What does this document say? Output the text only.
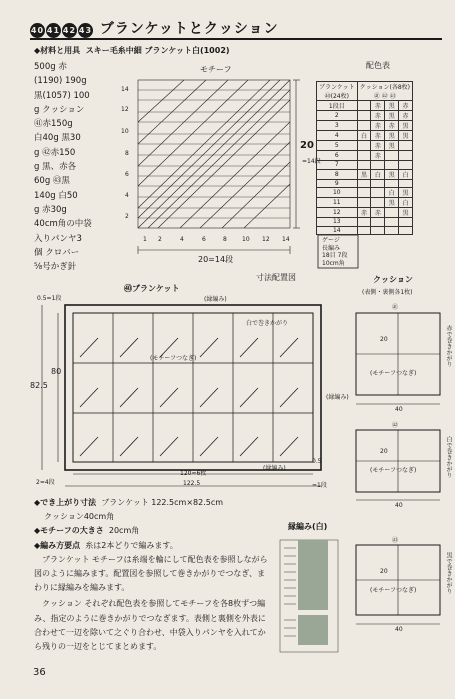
40 41 42 43 ブランケットとクッション
◆材料と用具 スキー毛糸中細 ブランケット白(1002)
500g 赤
(1190) 190g
黒(1057) 100
g クッション
㊶赤150g
白40g 黒30
g ㊷赤150
g 黒、赤各
60g ㊸黒
140g 白50
g 赤30g
40cm角の中袋
入りパンヤ3
個 クロバー
⅝号かぎ針
モチーフ
20
=14段
20=14段
1 2	4	6	8	10 12 14
14
12
10
8
6
4
2
配色表
ブランケット
㊵(24枚)	クッション(各8枚)
㊶ ㊷ ㊸			
1段目		赤	黒	赤
2		赤	黒	赤
3		赤	赤	黒
4	白	赤	黒	黒
5		赤	黒	
6		赤		
7				
8	黒	白	黒	白
9				
10			白	黒
11			黒	白
12	赤	赤		黒
13				
14				
ゲージ
長編み
18目 7段
10cm角
㊵ブランケット
寸法配置図
(縁編み)
0.5=1段
白で巻きかがり
(モチーフつなぎ)
80
82.5
(縁編み)
(縁編み)
120=6枚
122.5
0.5
=1段
2=4段
クッション
(表側・裏側各1枚)
㊶
20
(モチーフつなぎ)
赤で巻きかがり
40
㊷
20
(モチーフつなぎ)	白で巻きかがり
40
㊸
20
(モチーフつなぎ)	黒で巻きかがり
40
縁編み(白)

◆でき上がり寸法 ブランケット 122.5cm×82.5cm

クッション40cm角

◆モチーフの大きさ 20cm角

◆編み方要点 糸は2本どりで編みます。

ブランケット モチーフは糸端を輪にして配色表を参照しながら図のように編みます。配置図を参照して巻きかがりでつなぎ、まわりに縁編みを編みます。

クッション それぞれ配色表を参照してモチーフを各8枚ずつ編み、指定のように巻きかがりでつなぎます。表側と裏側を外表に合わせて一辺を除いて之ぐり合わせ、中袋入りパンヤを入れてから残りの一辺をとじてまとめます。

36
